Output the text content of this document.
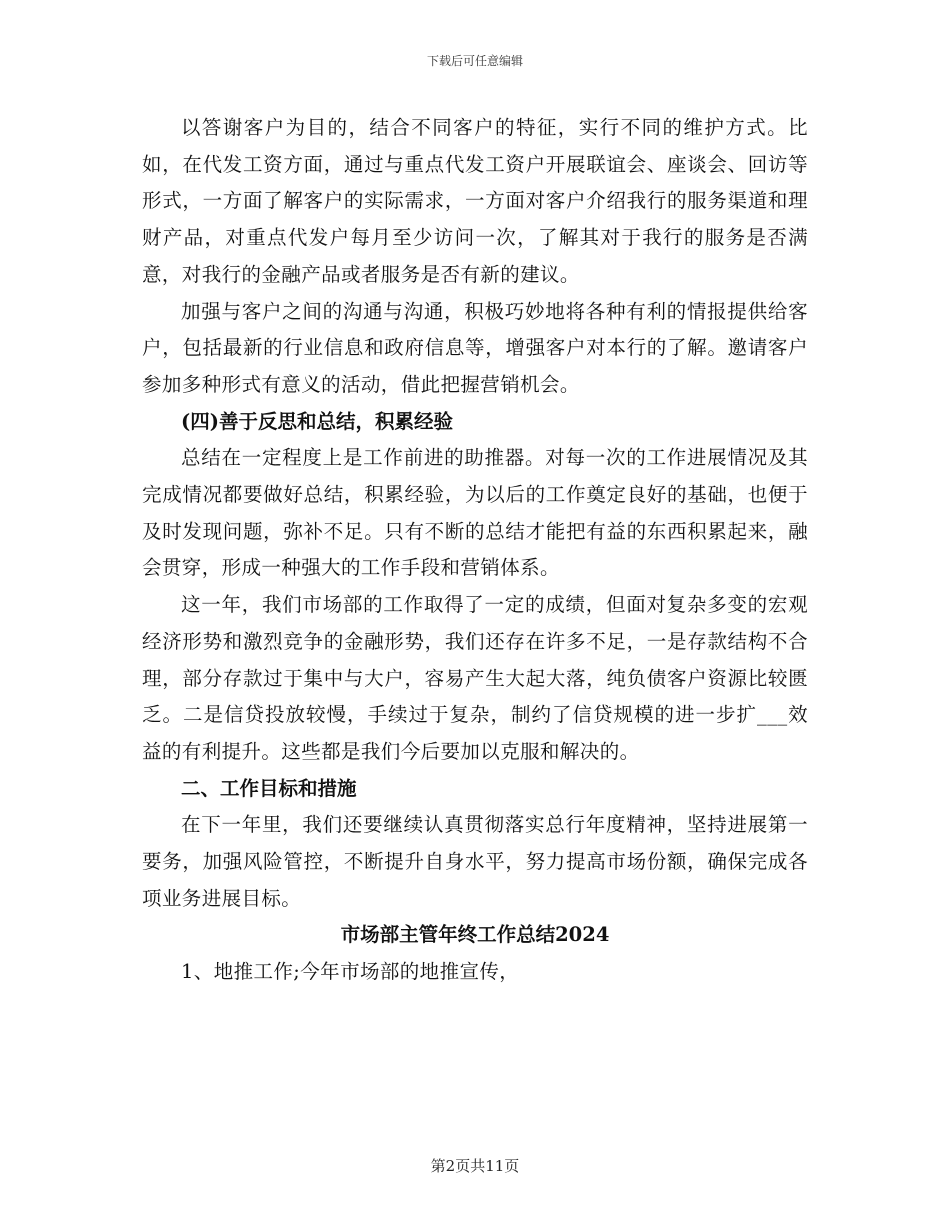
下载后可任意编辑

以答谢客户为目的，结合不同客户的特征，实行不同的维护方式。比如，在代发工资方面，通过与重点代发工资户开展联谊会、座谈会、回访等形式，一方面了解客户的实际需求，一方面对客户介绍我行的服务渠道和理财产品，对重点代发户每月至少访问一次，了解其对于我行的服务是否满意，对我行的金融产品或者服务是否有新的建议。

加强与客户之间的沟通与沟通，积极巧妙地将各种有利的情报提供给客户，包括最新的行业信息和政府信息等，增强客户对本行的了解。邀请客户参加多种形式有意义的活动，借此把握营销机会。

(四)善于反思和总结，积累经验

总结在一定程度上是工作前进的助推器。对每一次的工作进展情况及其完成情况都要做好总结，积累经验，为以后的工作奠定良好的基础，也便于及时发现问题，弥补不足。只有不断的总结才能把有益的东西积累起来，融会贯穿，形成一种强大的工作手段和营销体系。

这一年，我们市场部的工作取得了一定的成绩，但面对复杂多变的宏观经济形势和激烈竞争的金融形势，我们还存在许多不足，一是存款结构不合理，部分存款过于集中与大户，容易产生大起大落，纯负债客户资源比较匮乏。二是信贷投放较慢，手续过于复杂，制约了信贷规模的进一步扩___效益的有利提升。这些都是我们今后要加以克服和解决的。

二、工作目标和措施

在下一年里，我们还要继续认真贯彻落实总行年度精神，坚持进展第一要务，加强风险管控，不断提升自身水平，努力提高市场份额，确保完成各项业务进展目标。

市场部主管年终工作总结2024

1、地推工作;今年市场部的地推宣传，

第2页共11页
